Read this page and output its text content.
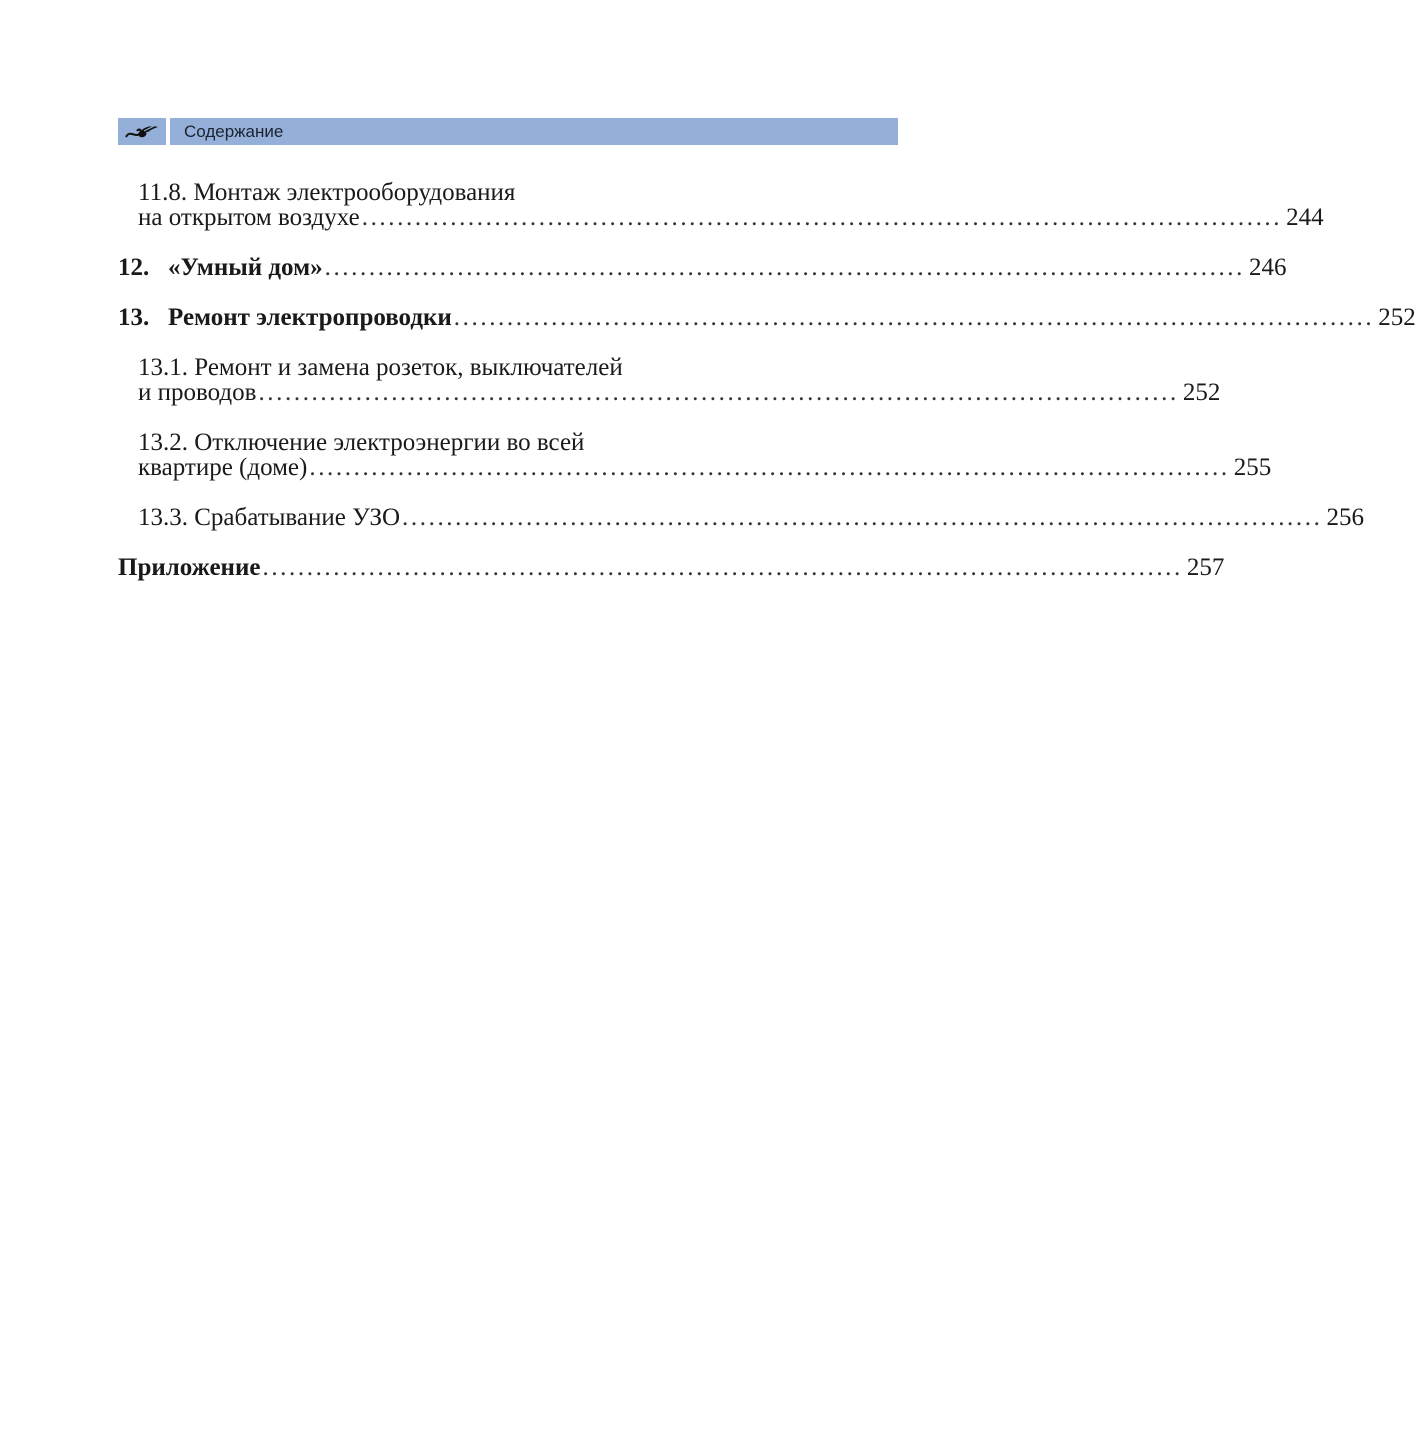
Содержание
11.8. Монтаж электрооборудования
на открытом воздухе ........................................................................................................ 244
12. «Умный дом» ........................................................................................................ 246
13. Ремонт электропроводки ........................................................................................................ 252
13.1. Ремонт и замена розеток, выключателей
и проводов ........................................................................................................ 252
13.2. Отключение электроэнергии во всей
квартире (доме) ........................................................................................................ 255
13.3. Срабатывание УЗО ........................................................................................................ 256
Приложение ........................................................................................................ 257
